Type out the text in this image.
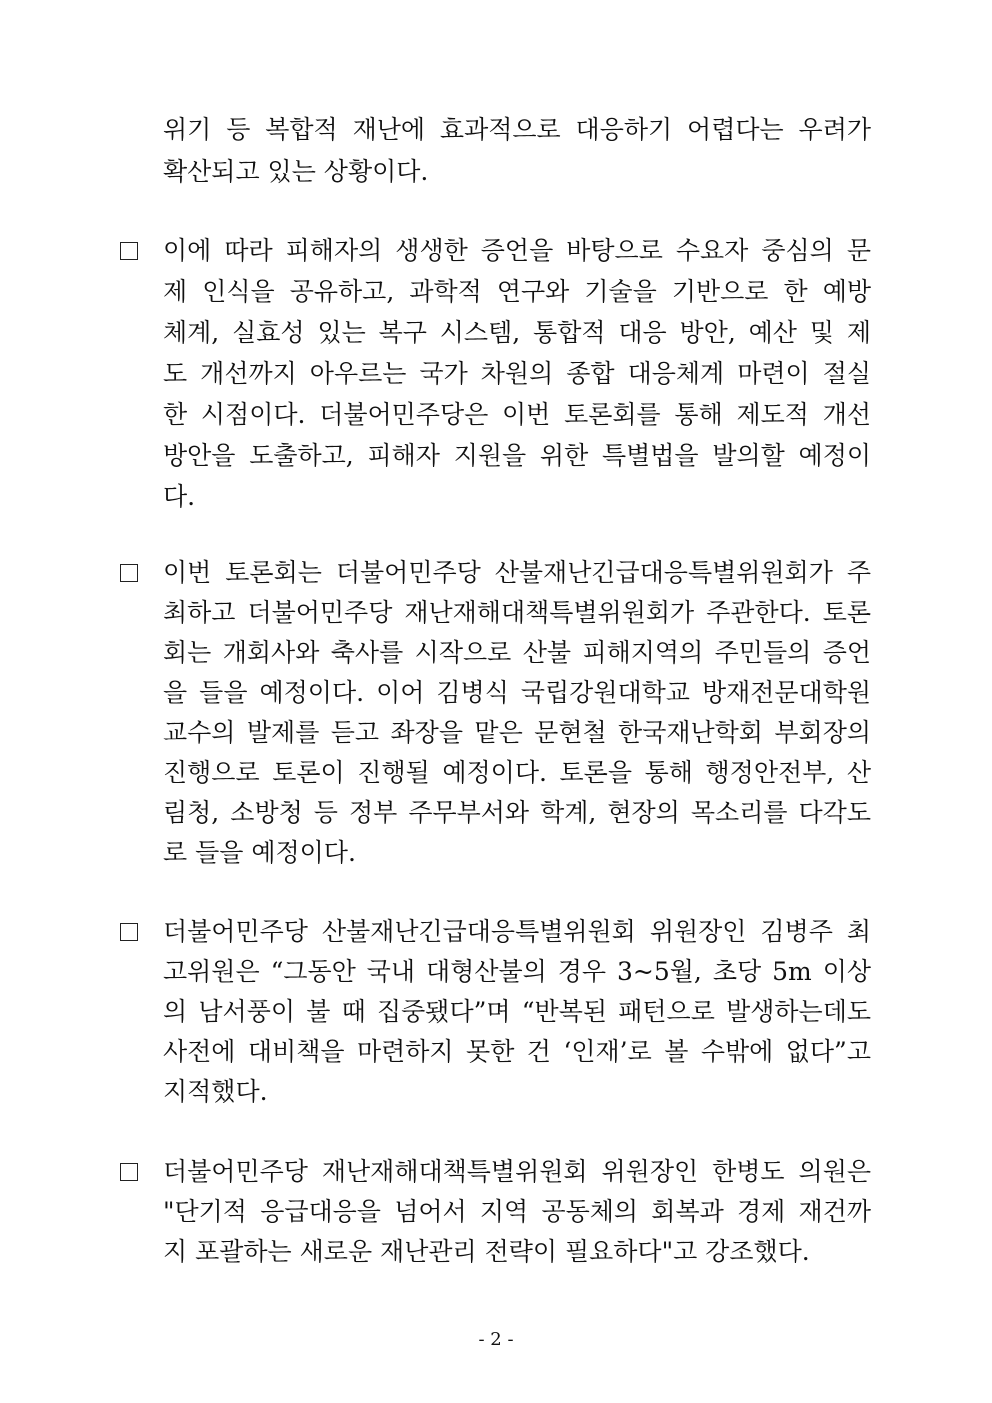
위기 등 복합적 재난에 효과적으로 대응하기 어렵다는 우려가
확산되고 있는 상황이다.
이에 따라 피해자의 생생한 증언을 바탕으로 수요자 중심의 문
제 인식을 공유하고, 과학적 연구와 기술을 기반으로 한 예방
체계, 실효성 있는 복구 시스템, 통합적 대응 방안, 예산 및 제
도 개선까지 아우르는 국가 차원의 종합 대응체계 마련이 절실
한 시점이다. 더불어민주당은 이번 토론회를 통해 제도적 개선
방안을 도출하고, 피해자 지원을 위한 특별법을 발의할 예정이
다.
이번 토론회는 더불어민주당 산불재난긴급대응특별위원회가 주
최하고 더불어민주당 재난재해대책특별위원회가 주관한다. 토론
회는 개회사와 축사를 시작으로 산불 피해지역의 주민들의 증언
을 들을 예정이다. 이어 김병식 국립강원대학교 방재전문대학원
교수의 발제를 듣고 좌장을 맡은 문현철 한국재난학회 부회장의
진행으로 토론이 진행될 예정이다. 토론을 통해 행정안전부, 산
림청, 소방청 등 정부 주무부서와 학계, 현장의 목소리를 다각도
로 들을 예정이다.
더불어민주당 산불재난긴급대응특별위원회 위원장인 김병주 최
고위원은 “그동안 국내 대형산불의 경우 3~5월, 초당 5m 이상
의 남서풍이 불 때 집중됐다”며 “반복된 패턴으로 발생하는데도
사전에 대비책을 마련하지 못한 건 ‘인재’로 볼 수밖에 없다”고
지적했다.
더불어민주당 재난재해대책특별위원회 위원장인 한병도 의원은
"단기적 응급대응을 넘어서 지역 공동체의 회복과 경제 재건까
지 포괄하는 새로운 재난관리 전략이 필요하다"고 강조했다.
- 2 -
